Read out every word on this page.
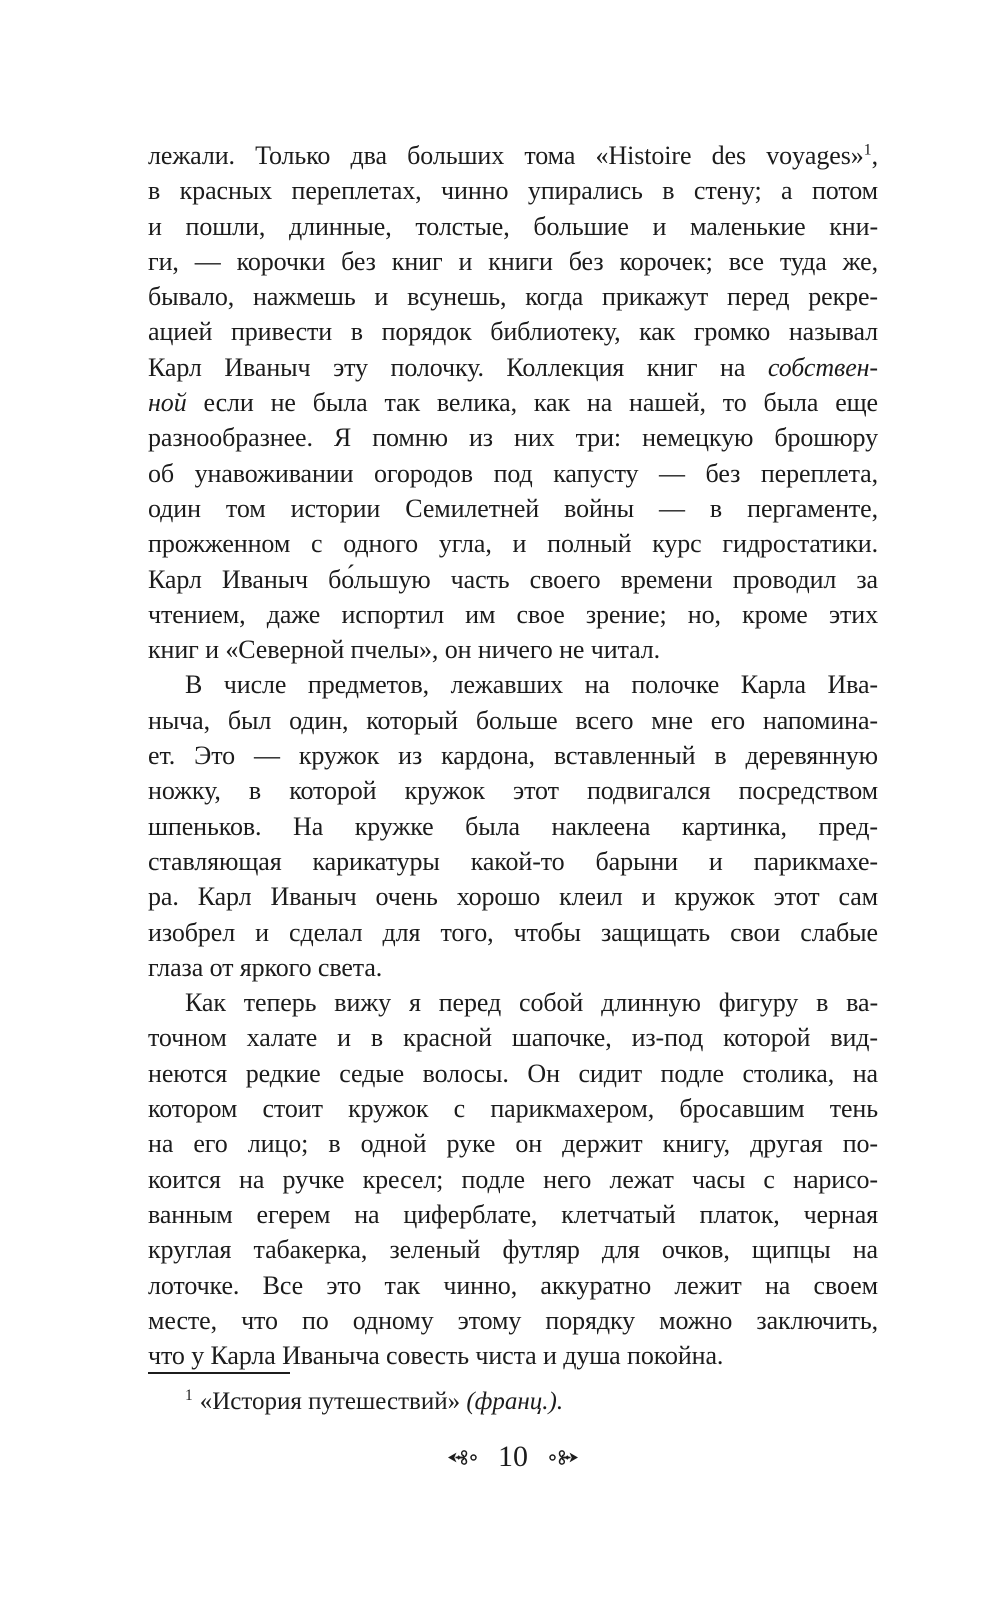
лежали. Только два больших тома «Histoire des voyages»$^1$,
в красных переплетах, чинно упирались в стену; а потом
и пошли, длинные, толстые, большие и маленькие кни-
ги, — корочки без книг и книги без корочек; все туда же,
бывало, нажмешь и всунешь, когда прикажут перед рекре-
ацией привести в порядок библиотеку, как громко называл
Карл Иваныч эту полочку. Коллекция книг на собствен-
ной если не была так велика, как на нашей, то была еще
разнообразнее. Я помню из них три: немецкую брошюру
об унавоживании огородов под капусту — без переплета,
один том истории Семилетней войны — в пергаменте,
прожженном с одного угла, и полный курс гидростатики.
Карл Иваныч бо́льшую часть своего времени проводил за
чтением, даже испортил им свое зрение; но, кроме этих
книг и «Северной пчелы», он ничего не читал.
В числе предметов, лежавших на полочке Карла Ива-
ныча, был один, который больше всего мне его напомина-
ет. Это — кружок из кардона, вставленный в деревянную
ножку, в которой кружок этот подвигался посредством
шпеньков. На кружке была наклеена картинка, пред-
ставляющая карикатуры какой-то барыни и парикмахе-
ра. Карл Иваныч очень хорошо клеил и кружок этот сам
изобрел и сделал для того, чтобы защищать свои слабые
глаза от яркого света.
Как теперь вижу я перед собой длинную фигуру в ва-
точном халате и в красной шапочке, из-под которой вид-
неются редкие седые волосы. Он сидит подле столика, на
котором стоит кружок с парикмахером, бросавшим тень
на его лицо; в одной руке он держит книгу, другая по-
коится на ручке кресел; подле него лежат часы с нарисо-
ванным егерем на циферблате, клетчатый платок, черная
круглая табакерка, зеленый футляр для очков, щипцы на
лоточке. Все это так чинно, аккуратно лежит на своем
месте, что по одному этому порядку можно заключить,
что у Карла Иваныча совесть чиста и душа покойна.
$^1$ «История путешествий» (франц.).
10
